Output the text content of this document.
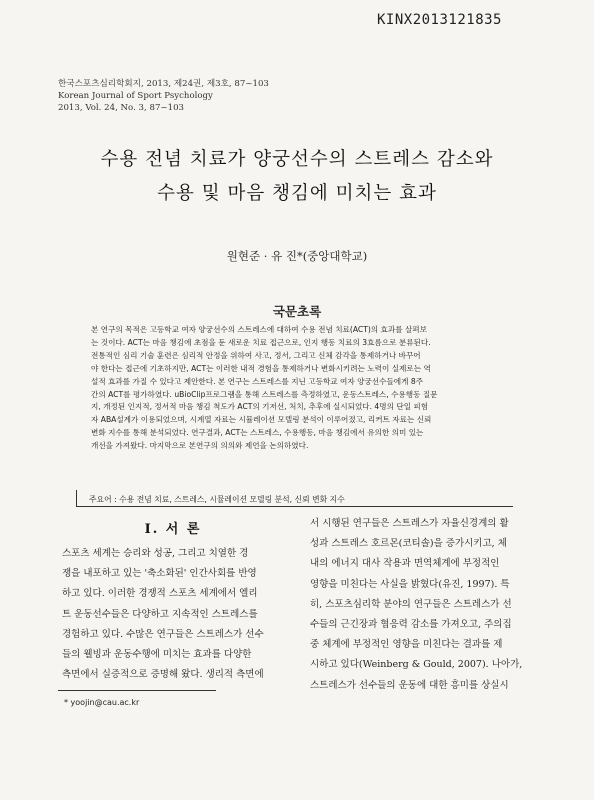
KINX2013121835
한국스포츠심리학회지, 2013, 제24권, 제3호, 87~103
Korean Journal of Sport Psychology
2013, Vol. 24, No. 3, 87~103
수용 전념 치료가 양궁선수의 스트레스 감소와
수용 및 마음 챙김에 미치는 효과
원현준 · 유 진*(중앙대학교)
국문초록
본 연구의 목적은 고등학교 여자 양궁선수의 스트레스에 대하여 수용 전념 치료(ACT)의 효과를 살펴보
는 것이다. ACT는 마음 챙김에 초점을 둔 새로운 치료 접근으로, 인지 행동 치료의 3효름으로 분류된다.
전통적인 심리 기술 훈련은 심리적 안정을 위하여 사고, 정서, 그리고 신체 감각을 통제하거나 바꾸어
야 한다는 접근에 기초하지만, ACT는 이러한 내적 경험을 통제하거나 변화시키려는 노력이 실제로는 역
설적 효과를 가질 수 있다고 제안한다. 본 연구는 스트레스를 지닌 고등학교 여자 양궁선수들에게 8주
간의 ACT를 평가하였다. uBioClip프로그램을 통해 스트레스를 측정하였고, 운동스트레스, 수용행동 질문
지, 개정된 인지적, 정서적 마음 챙김 척도가 ACT의 기저선, 처치, 추후에 실시되었다. 4명의 단일 피험
자 ABA설계가 이용되었으며, 시계열 자료는 시뮬레이션 모델링 분석이 이루어졌고, 리커트 자료는 신뢰
변화 지수를 통해 분석되었다. 연구결과, ACT는 스트레스, 수용행동, 마음 챙김에서 유의한 의미 있는
개선을 가져왔다. 마지막으로 본연구의 의의와 제언을 논의하였다.
주요어 : 수용 전념 치료, 스트레스, 시뮬레이션 모델링 분석, 신뢰 변화 지수
I. 서 론
스포츠 세계는 승리와 성공, 그리고 치열한 경
쟁을 내포하고 있는 '축소화된' 인간사회를 반영
하고 있다. 이러한 경쟁적 스포츠 세계에서 엘리
트 운동선수들은 다양하고 지속적인 스트레스를
경험하고 있다. 수많은 연구들은 스트레스가 선수
들의 웰빙과 운동수행에 미치는 효과를 다양한
측면에서 실증적으로 증명해 왔다. 생리적 측면에
서 시행된 연구들은 스트레스가 자율신경계의 활
성과 스트레스 호르몬(코티솔)을 증가시키고, 체
내의 에너지 대사 작용과 면역체계에 부정적인
영향을 미친다는 사실을 밝혔다(유진, 1997). 특
히, 스포츠심리학 분야의 연구들은 스트레스가 선
수들의 근긴장과 협응력 감소를 가져오고, 주의집
중 체계에 부정적인 영향을 미친다는 결과를 제
시하고 있다(Weinberg & Gould, 2007). 나아가,
스트레스가 선수들의 운동에 대한 흥미를 상실시
* yoojin@cau.ac.kr
